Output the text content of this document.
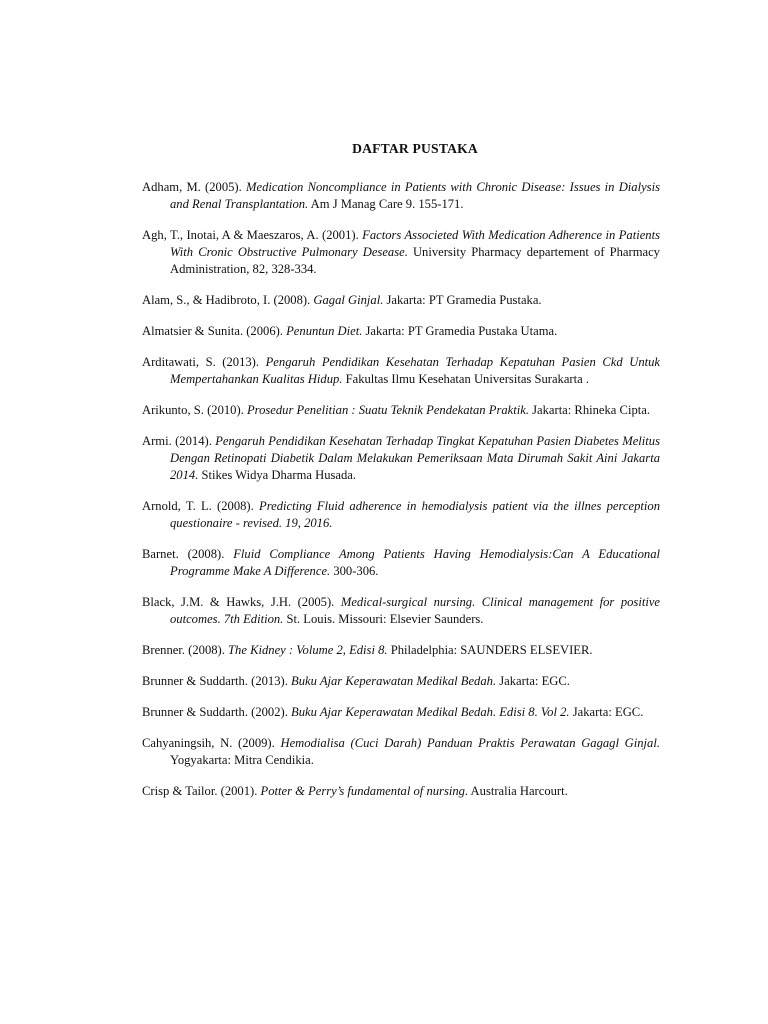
DAFTAR PUSTAKA

Adham, M. (2005). Medication Noncompliance in Patients with Chronic Disease: Issues in Dialysis and Renal Transplantation. Am J Manag Care 9. 155-171.

Agh, T., Inotai, A & Maeszaros, A. (2001). Factors Associeted With Medication Adherence in Patients With Cronic Obstructive Pulmonary Desease. University Pharmacy departement of Pharmacy Administration, 82, 328-334.

Alam, S., & Hadibroto, I. (2008). Gagal Ginjal. Jakarta: PT Gramedia Pustaka.

Almatsier & Sunita. (2006). Penuntun Diet. Jakarta: PT Gramedia Pustaka Utama.

Arditawati, S. (2013). Pengaruh Pendidikan Kesehatan Terhadap Kepatuhan Pasien Ckd Untuk Mempertahankan Kualitas Hidup. Fakultas Ilmu Kesehatan Universitas Surakarta .

Arikunto, S. (2010). Prosedur Penelitian : Suatu Teknik Pendekatan Praktik. Jakarta: Rhineka Cipta.

Armi. (2014). Pengaruh Pendidikan Kesehatan Terhadap Tingkat Kepatuhan Pasien Diabetes Melitus Dengan Retinopati Diabetik Dalam Melakukan Pemeriksaan Mata Dirumah Sakit Aini Jakarta 2014. Stikes Widya Dharma Husada.

Arnold, T. L. (2008). Predicting Fluid adherence in hemodialysis patient via the illnes perception questionaire - revised. 19, 2016.

Barnet. (2008). Fluid Compliance Among Patients Having Hemodialysis:Can A Educational Programme Make A Difference. 300-306.

Black, J.M. & Hawks, J.H. (2005). Medical-surgical nursing. Clinical management for positive outcomes. 7th Edition. St. Louis. Missouri: Elsevier Saunders.

Brenner. (2008). The Kidney : Volume 2, Edisi 8. Philadelphia: SAUNDERS ELSEVIER.

Brunner & Suddarth. (2013). Buku Ajar Keperawatan Medikal Bedah. Jakarta: EGC.

Brunner & Suddarth. (2002). Buku Ajar Keperawatan Medikal Bedah. Edisi 8. Vol 2. Jakarta: EGC.

Cahyaningsih, N. (2009). Hemodialisa (Cuci Darah) Panduan Praktis Perawatan Gagagl Ginjal. Yogyakarta: Mitra Cendikia.

Crisp & Tailor. (2001). Potter & Perry’s fundamental of nursing. Australia Harcourt.
